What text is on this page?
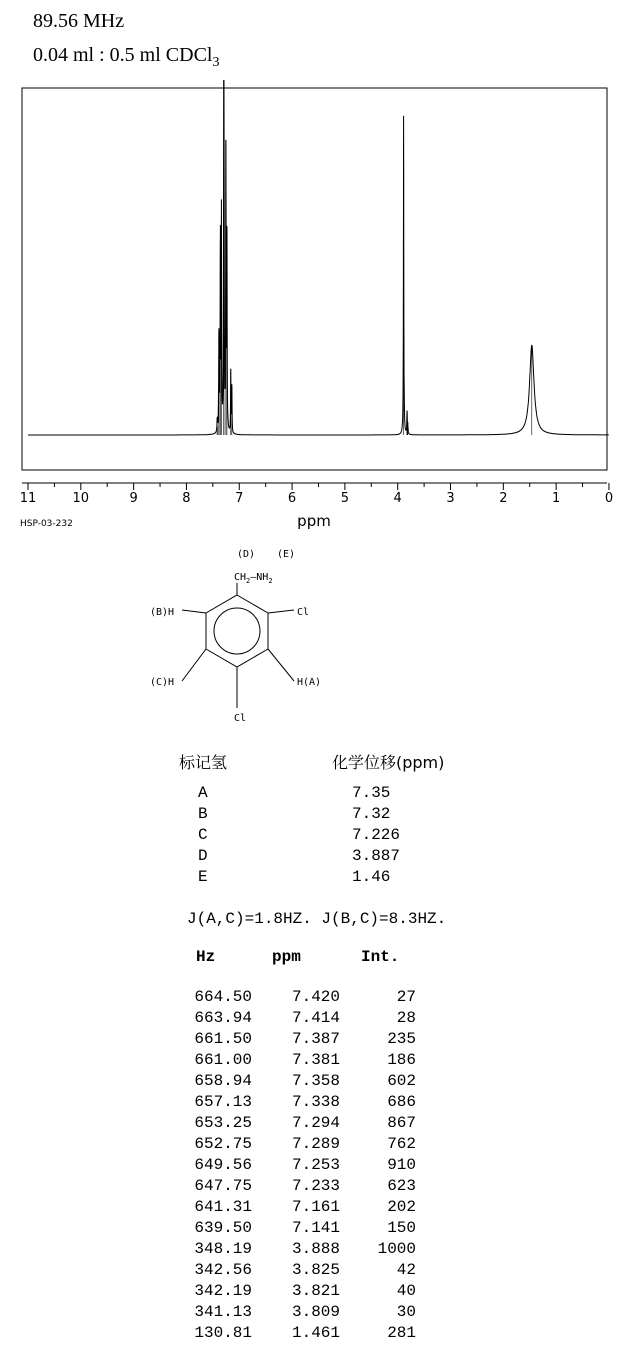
89.56 MHz
0.04 ml : 0.5 ml CDCl$_3$
11	10	9	8	7	6	5	4	3	2	1	0
HSP-03-232	ppm
(D) (E)
$CH_2—NH_2$
Cl
Cl
(B)H
(C)H	H(A)
标记氢	化学位移(ppm)
A	7.35
B	7.32
C	7.226
D	3.887
E	1.46
J(A,C)=1.8HZ. J(B,C)=8.3HZ.
Hz	ppm	Int.
664.50 7.420	27
663.94 7.414	28
661.50 7.387	235
661.00 7.381	186
658.94 7.358	602
657.13 7.338	686
653.25 7.294	867
652.75 7.289	762
649.56 7.253	910
647.75 7.233	623
641.31 7.161	202
639.50 7.141	150
348.19 3.888 1000
342.56 3.825	42
342.19 3.821	40
341.13 3.809	30
130.81 1.461	281
